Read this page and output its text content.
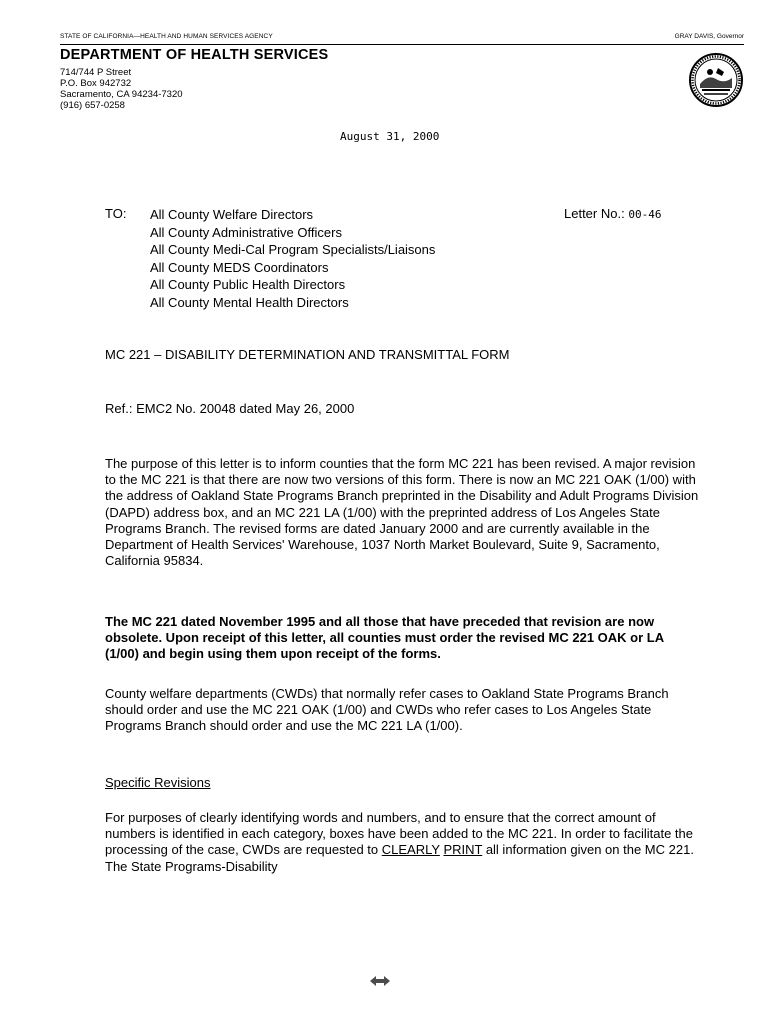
STATE OF CALIFORNIA—HEALTH AND HUMAN SERVICES AGENCY	GRAY DAVIS, Governor
DEPARTMENT OF HEALTH SERVICES
714/744 P Street
P.O. Box 942732
Sacramento, CA 94234-7320
(916) 657-0258
August 31, 2000
TO: All County Welfare Directors
All County Administrative Officers
All County Medi-Cal Program Specialists/Liaisons
All County MEDS Coordinators
All County Public Health Directors
All County Mental Health Directors
Letter No.: 00-46
MC 221 – DISABILITY DETERMINATION AND TRANSMITTAL FORM
Ref.: EMC2 No. 20048 dated May 26, 2000
The purpose of this letter is to inform counties that the form MC 221 has been revised. A major revision to the MC 221 is that there are now two versions of this form. There is now an MC 221 OAK (1/00) with the address of Oakland State Programs Branch preprinted in the Disability and Adult Programs Division (DAPD) address box, and an MC 221 LA (1/00) with the preprinted address of Los Angeles State Programs Branch. The revised forms are dated January 2000 and are currently available in the Department of Health Services' Warehouse, 1037 North Market Boulevard, Suite 9, Sacramento, California 95834.
The MC 221 dated November 1995 and all those that have preceded that revision are now obsolete. Upon receipt of this letter, all counties must order the revised MC 221 OAK or LA (1/00) and begin using them upon receipt of the forms.
County welfare departments (CWDs) that normally refer cases to Oakland State Programs Branch should order and use the MC 221 OAK (1/00) and CWDs who refer cases to Los Angeles State Programs Branch should order and use the MC 221 LA (1/00).
Specific Revisions
For purposes of clearly identifying words and numbers, and to ensure that the correct amount of numbers is identified in each category, boxes have been added to the MC 221. In order to facilitate the processing of the case, CWDs are requested to CLEARLY PRINT all information given on the MC 221. The State Programs-Disability
